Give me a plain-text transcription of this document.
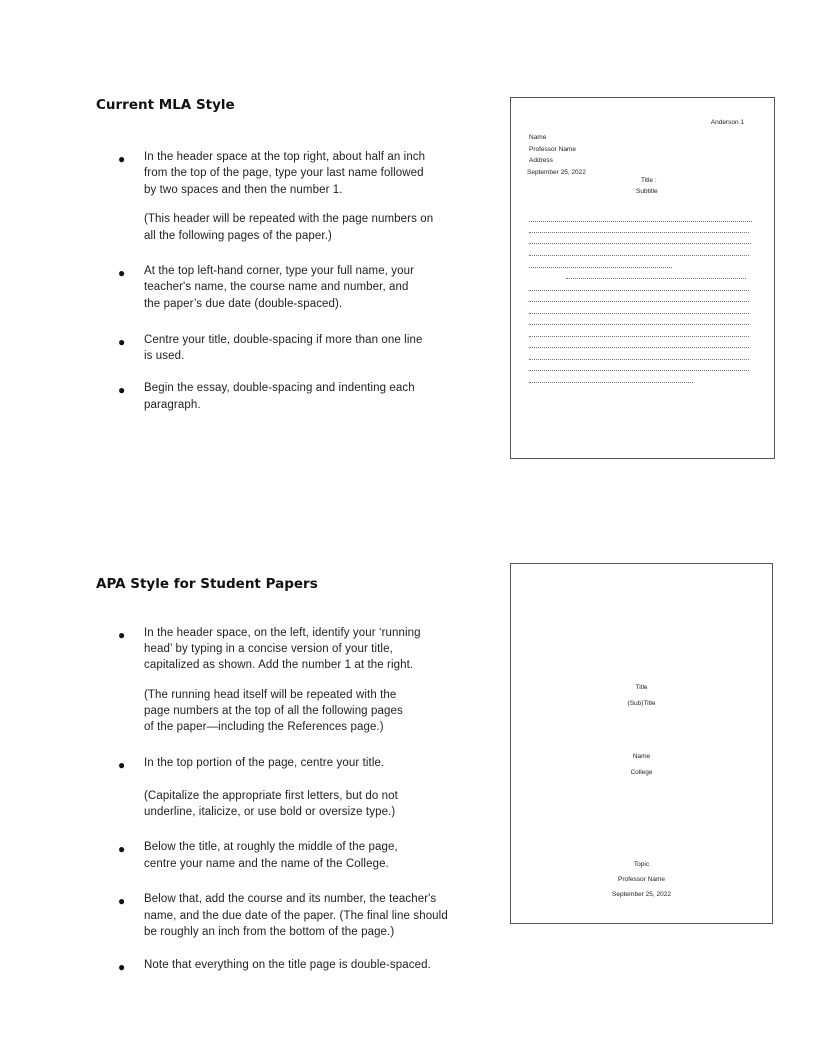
Current MLA Style
● In the header space at the top right, about half an inch
from the top of the page, type your last name followed
by two spaces and then the number 1.
(This header will be repeated with the page numbers on
all the following pages of the paper.)
● At the top left-hand corner, type your full name, your
teacher's name, the course name and number, and
the paper’s due date (double-spaced).
● Centre your title, double-spacing if more than one line
is used.
● Begin the essay, double-spacing and indenting each
paragraph.
Anderson 1
Name
Professor Name
Address
September 25, 2022
Title :
Subtitle
APA Style for Student Papers
● In the header space, on the left, identify your ‘running
head’ by typing in a concise version of your title,
capitalized as shown. Add the number 1 at the right.
(The running head itself will be repeated with the
page numbers at the top of all the following pages
of the paper—including the References page.)
● In the top portion of the page, centre your title.
(Capitalize the appropriate first letters, but do not
underline, italicize, or use bold or oversize type.)
● Below the title, at roughly the middle of the page,
centre your name and the name of the College.
● Below that, add the course and its number, the teacher's
name, and the due date of the paper. (The final line should
be roughly an inch from the bottom of the page.)
● Note that everything on the title page is double-spaced.
Title
(Sub)Title
Name
College
Topic
Professor Name
September 25, 2022
